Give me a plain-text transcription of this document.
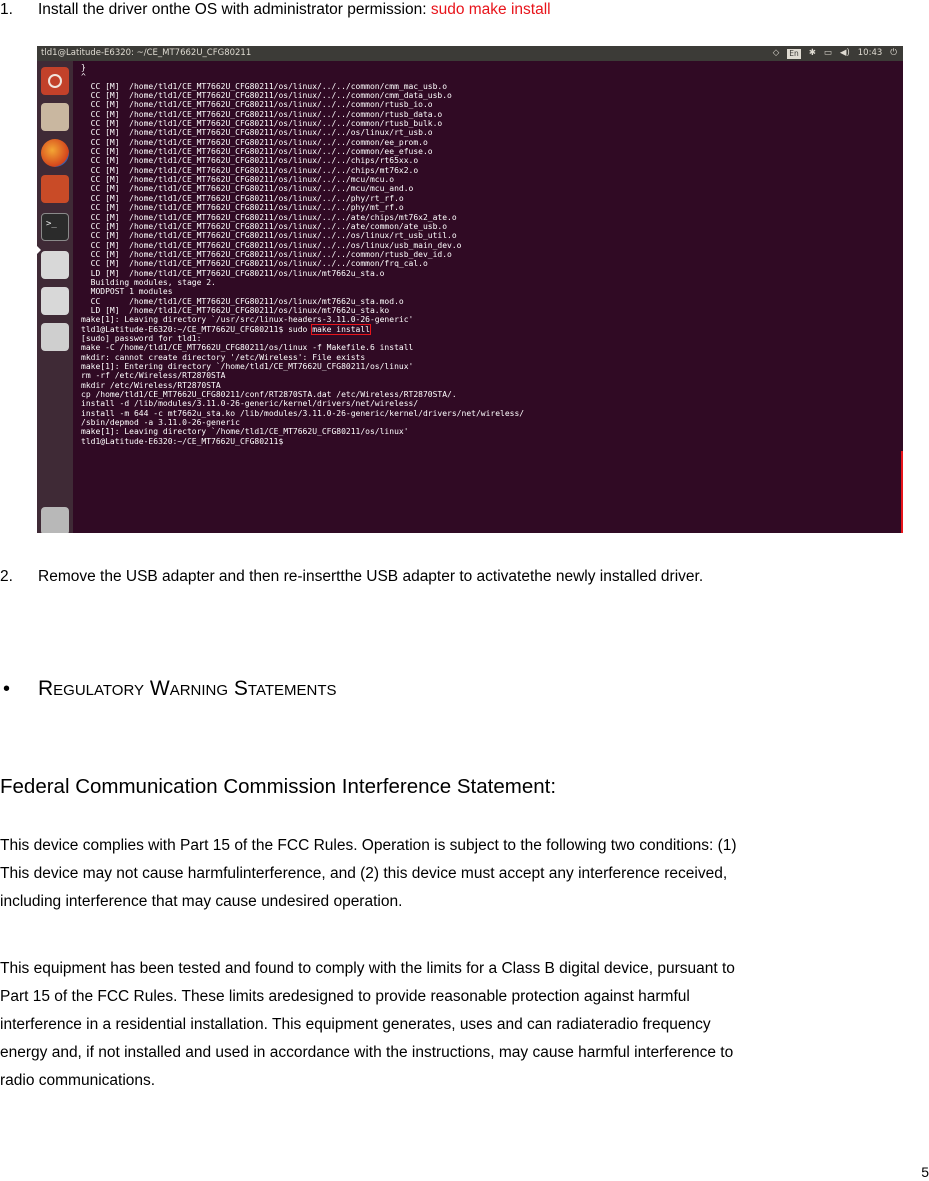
1. Install the driver onthe OS with administrator permission: sudo make install
tld1@Latitude-E6320: ~/CE_MT7662U_CFG80211	◇ En ✱ ▭ ◀) 10:43 ⏻
>_
}
^
CC [M]  /home/tld1/CE_MT7662U_CFG80211/os/linux/../../common/cmm_mac_usb.o
CC [M]  /home/tld1/CE_MT7662U_CFG80211/os/linux/../../common/cmm_data_usb.o
CC [M]  /home/tld1/CE_MT7662U_CFG80211/os/linux/../../common/rtusb_io.o
CC [M]  /home/tld1/CE_MT7662U_CFG80211/os/linux/../../common/rtusb_data.o
CC [M]  /home/tld1/CE_MT7662U_CFG80211/os/linux/../../common/rtusb_bulk.o
CC [M]  /home/tld1/CE_MT7662U_CFG80211/os/linux/../../os/linux/rt_usb.o
CC [M]  /home/tld1/CE_MT7662U_CFG80211/os/linux/../../common/ee_prom.o
CC [M]  /home/tld1/CE_MT7662U_CFG80211/os/linux/../../common/ee_efuse.o
CC [M]  /home/tld1/CE_MT7662U_CFG80211/os/linux/../../chips/rt65xx.o
CC [M]  /home/tld1/CE_MT7662U_CFG80211/os/linux/../../chips/mt76x2.o
CC [M]  /home/tld1/CE_MT7662U_CFG80211/os/linux/../../mcu/mcu.o
CC [M]  /home/tld1/CE_MT7662U_CFG80211/os/linux/../../mcu/mcu_and.o
CC [M]  /home/tld1/CE_MT7662U_CFG80211/os/linux/../../phy/rt_rf.o
CC [M]  /home/tld1/CE_MT7662U_CFG80211/os/linux/../../phy/mt_rf.o
CC [M]  /home/tld1/CE_MT7662U_CFG80211/os/linux/../../ate/chips/mt76x2_ate.o
CC [M]  /home/tld1/CE_MT7662U_CFG80211/os/linux/../../ate/common/ate_usb.o
CC [M]  /home/tld1/CE_MT7662U_CFG80211/os/linux/../../os/linux/rt_usb_util.o
CC [M]  /home/tld1/CE_MT7662U_CFG80211/os/linux/../../os/linux/usb_main_dev.o
CC [M]  /home/tld1/CE_MT7662U_CFG80211/os/linux/../../common/rtusb_dev_id.o
CC [M]  /home/tld1/CE_MT7662U_CFG80211/os/linux/../../common/frq_cal.o
LD [M]  /home/tld1/CE_MT7662U_CFG80211/os/linux/mt7662u_sta.o
Building modules, stage 2.
MODPOST 1 modules
CC      /home/tld1/CE_MT7662U_CFG80211/os/linux/mt7662u_sta.mod.o
LD [M]  /home/tld1/CE_MT7662U_CFG80211/os/linux/mt7662u_sta.ko
make[1]: Leaving directory `/usr/src/linux-headers-3.11.0-26-generic'
tld1@Latitude-E6320:~/CE_MT7662U_CFG80211$ sudo make install
[sudo] password for tld1:
make -C /home/tld1/CE_MT7662U_CFG80211/os/linux -f Makefile.6 install
mkdir: cannot create directory '/etc/Wireless': File exists
make[1]: Entering directory `/home/tld1/CE_MT7662U_CFG80211/os/linux'
rm -rf /etc/Wireless/RT2870STA
mkdir /etc/Wireless/RT2870STA
cp /home/tld1/CE_MT7662U_CFG80211/conf/RT2870STA.dat /etc/Wireless/RT2870STA/.
install -d /lib/modules/3.11.0-26-generic/kernel/drivers/net/wireless/
install -m 644 -c mt7662u_sta.ko /lib/modules/3.11.0-26-generic/kernel/drivers/net/wireless/
/sbin/depmod -a 3.11.0-26-generic
make[1]: Leaving directory `/home/tld1/CE_MT7662U_CFG80211/os/linux'
tld1@Latitude-E6320:~/CE_MT7662U_CFG80211$
2. Remove the USB adapter and then re-insertthe USB adapter to activatethe newly installed driver.
• REGULATORY WARNING STATEMENTS
Federal Communication Commission Interference Statement:
This device complies with Part 15 of the FCC Rules. Operation is subject to the following two conditions: (1)
This device may not cause harmfulinterference, and (2) this device must accept any interference received,
including interference that may cause undesired operation.
This equipment has been tested and found to comply with the limits for a Class B digital device, pursuant to
Part 15 of the FCC Rules. These limits aredesigned to provide reasonable protection against harmful
interference in a residential installation. This equipment generates, uses and can radiateradio frequency
energy and, if not installed and used in accordance with the instructions, may cause harmful interference to
radio communications.
5
